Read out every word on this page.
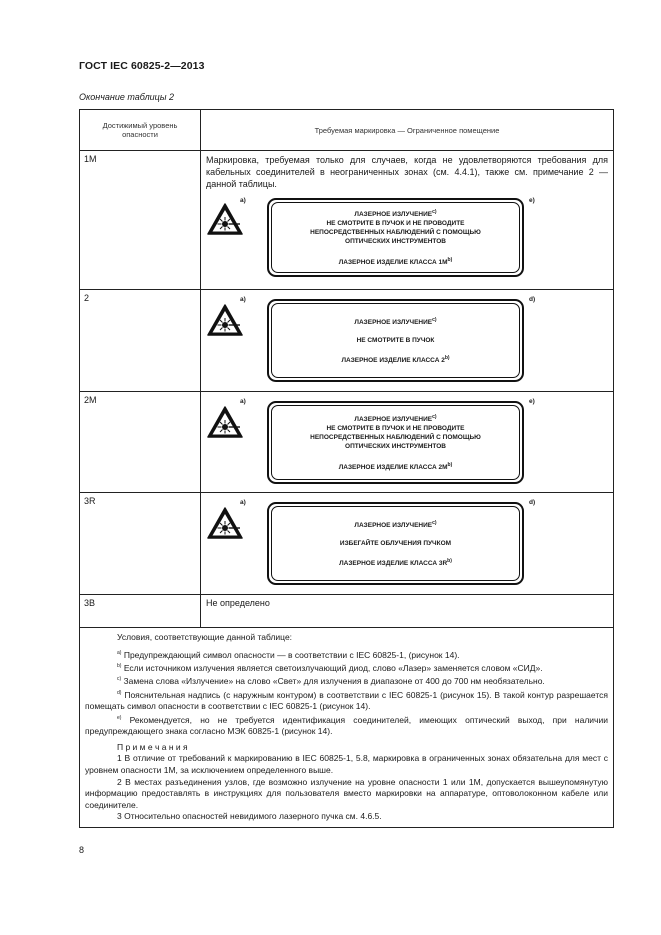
ГОСТ IEC 60825-2—2013
Окончание таблицы 2
Достижимый уровень опасности	Требуемая маркировка — Ограниченное помещение
1M	Маркировка, требуемая только для случаев, когда не удовлетворяются требования для кабельных соединителей в неограниченных зонах (см. 4.4.1), также см. примечание 2 — данной таблицы.
a)
ЛАЗЕРНОЕ ИЗЛУЧЕНИЕ$^{c)}$
НЕ СМОТРИТЕ В ПУЧОК И НЕ ПРОВОДИТЕ
НЕПОСРЕДСТВЕННЫХ НАБЛЮДЕНИЙ С ПОМОЩЬЮ
ОПТИЧЕСКИХ ИНСТРУМЕНТОВ
ЛАЗЕРНОЕ ИЗДЕЛИЕ КЛАССА $1М^{b)}$
e)
2	a)
ЛАЗЕРНОЕ ИЗЛУЧЕНИЕ$^{c)}$
НЕ СМОТРИТЕ В ПУЧОК
ЛАЗЕРНОЕ ИЗДЕЛИЕ КЛАССА 2$^{b)}$
d)
2M	a)
ЛАЗЕРНОЕ ИЗЛУЧЕНИЕ$^{c)}$
НЕ СМОТРИТЕ В ПУЧОК И НЕ ПРОВОДИТЕ
НЕПОСРЕДСТВЕННЫХ НАБЛЮДЕНИЙ С ПОМОЩЬЮ
ОПТИЧЕСКИХ ИНСТРУМЕНТОВ
ЛАЗЕРНОЕ ИЗДЕЛИЕ КЛАССА $2М^{b)}$
e)
3R	a)
ЛАЗЕРНОЕ ИЗЛУЧЕНИЕ$^{c)}$
ИЗБЕГАЙТЕ ОБЛУЧЕНИЯ ПУЧКОМ
ЛАЗЕРНОЕ ИЗДЕЛИЕ КЛАССА $3R^{b)}$
d)
3B	Не определено

Условия, соответствующие данной таблице:

$^{a)}$ Предупреждающий символ опасности — в соответствии с IEC 60825-1, (рисунок 14).

$^{b)}$ Если источником излучения является светоизлучающий диод, слово «Лазер» заменяется словом «СИД».

$^{c)}$ Замена слова «Излучение» на слово «Свет» для излучения в диапазоне от 400 до 700 нм необязательно.

$^{d)}$ Пояснительная надпись (с наружным контуром) в соответствии с IEC 60825-1 (рисунок 15). В такой контур разрешается помещать символ опасности в соответствии с IEC 60825-1 (рисунок 14).

$^{e)}$ Рекомендуется, но не требуется идентификация соединителей, имеющих оптический выход, при наличии предупреждающего знака согласно МЭК 60825-1 (рисунок 14).

П р и м е ч а н и я

1 В отличие от требований к маркированию в IEC 60825-1, 5.8, маркировка в ограниченных зонах обязательна для мест с уровнем опасности 1М, за исключением определенного выше.

2 В местах разъединения узлов, где возможно излучение на уровне опасности 1 или 1М, допускается вышеупомянутую информацию предоставлять в инструкциях для пользователя вместо маркировки на аппаратуре, оптоволоконном кабеле или соединителе.

3 Относительно опасностей невидимого лазерного пучка см. 4.6.5.

8
